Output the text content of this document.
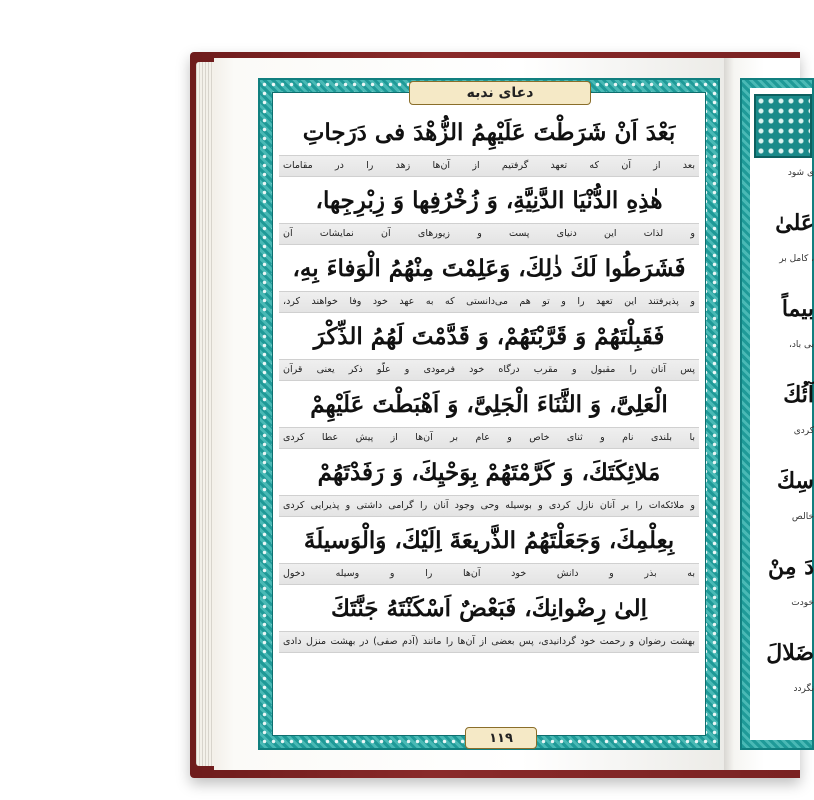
دعای ندبه
بَعْدَ اَنْ شَرَطْتَ عَلَیْهِمُ الزُّهْدَ فی دَرَجاتِ
بعد از آن که تعهد گرفتیم از آن‌ها زهد را در مقامات
هٰذِهِ الدُّنْیَا الدَّنِیَّةِ، وَ زُخْرُفِها وَ زِبْرِجِها،
و لذات این دنیای پست و زیورهای آن نمایشات آن
فَشَرَطُوا لَكَ ذٰلِكَ، وَعَلِمْتَ مِنْهُمُ الْوَفاءَ بِهِ،
و پذیرفتند این تعهد را و تو هم می‌دانستی که به عهد خود وفا خواهند کرد،
فَقَبِلْتَهُمْ وَ قَرَّبْتَهُمْ، وَ قَدَّمْتَ لَهُمُ الذِّكْرَ
پس آنان را مقبول و مقرب درگاه خود فرمودی و علّو ذکر یعنی قرآن
الْعَلِیَّ، وَ الثَّنَاءَ الْجَلِیَّ، وَ اَهْبَطْتَ عَلَیْهِمْ
با بلندی نام و ثنای خاص و عام بر آن‌ها از پیش عطا کردی
مَلائِكَتَكَ، وَ كَرَّمْتَهُمْ بِوَحْیِكَ، وَ رَفَدْتَهُمْ
و ملائکه‌ات را بر آنان نازل کردی و بوسیله وحی وجود آنان را گرامی داشتی و پذیرایی کردی
بِعِلْمِكَ، وَجَعَلْتَهُمُ الذَّریعَةَ اِلَیْكَ، وَالْوَسیلَةَ
به بذر و دانش خود آن‌ها را و وسیله دخول
اِلیٰ رِضْوانِكَ، فَبَعْضٌ اَسْكَنْتَهُ جَنَّتَكَ
بهشت رضوان و رحمت خود گردانیدی، پس بعضی از آن‌ها را مانند (آدم صفی) در بهشت منزل دادی
١١٩
ی شود
عَلیٰ
، کامل بر
بیماً
بی باد،
آئُكَ
کردی
سِكَ
خالص
دَ مِنْ
خودت
ضَلالَ
نگردد
